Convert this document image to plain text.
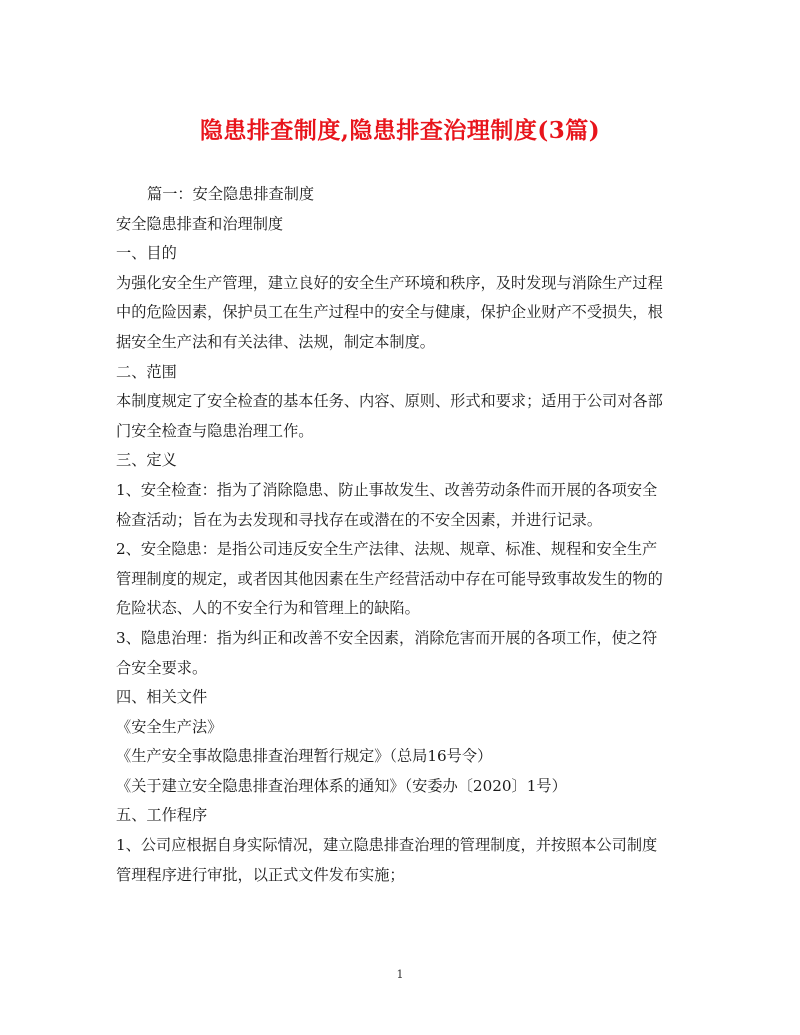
隐患排查制度,隐患排查治理制度(3篇)

篇一：安全隐患排查制度

安全隐患排查和治理制度

一、目的

为强化安全生产管理，建立良好的安全生产环境和秩序，及时发现与消除生产过程

中的危险因素，保护员工在生产过程中的安全与健康，保护企业财产不受损失，根

据安全生产法和有关法律、法规，制定本制度。

二、范围

本制度规定了安全检查的基本任务、内容、原则、形式和要求；适用于公司对各部

门安全检查与隐患治理工作。

三、定义

1、安全检查：指为了消除隐患、防止事故发生、改善劳动条件而开展的各项安全

检查活动；旨在为去发现和寻找存在或潜在的不安全因素，并进行记录。

2、安全隐患：是指公司违反安全生产法律、法规、规章、标准、规程和安全生产

管理制度的规定，或者因其他因素在生产经营活动中存在可能导致事故发生的物的

危险状态、人的不安全行为和管理上的缺陷。

3、隐患治理：指为纠正和改善不安全因素，消除危害而开展的各项工作，使之符

合安全要求。

四、相关文件

《安全生产法》

《生产安全事故隐患排查治理暂行规定》（总局16号令）

《关于建立安全隐患排查治理体系的通知》（安委办〔2020〕1号）

五、工作程序

1、公司应根据自身实际情况，建立隐患排查治理的管理制度，并按照本公司制度

管理程序进行审批，以正式文件发布实施；

1
